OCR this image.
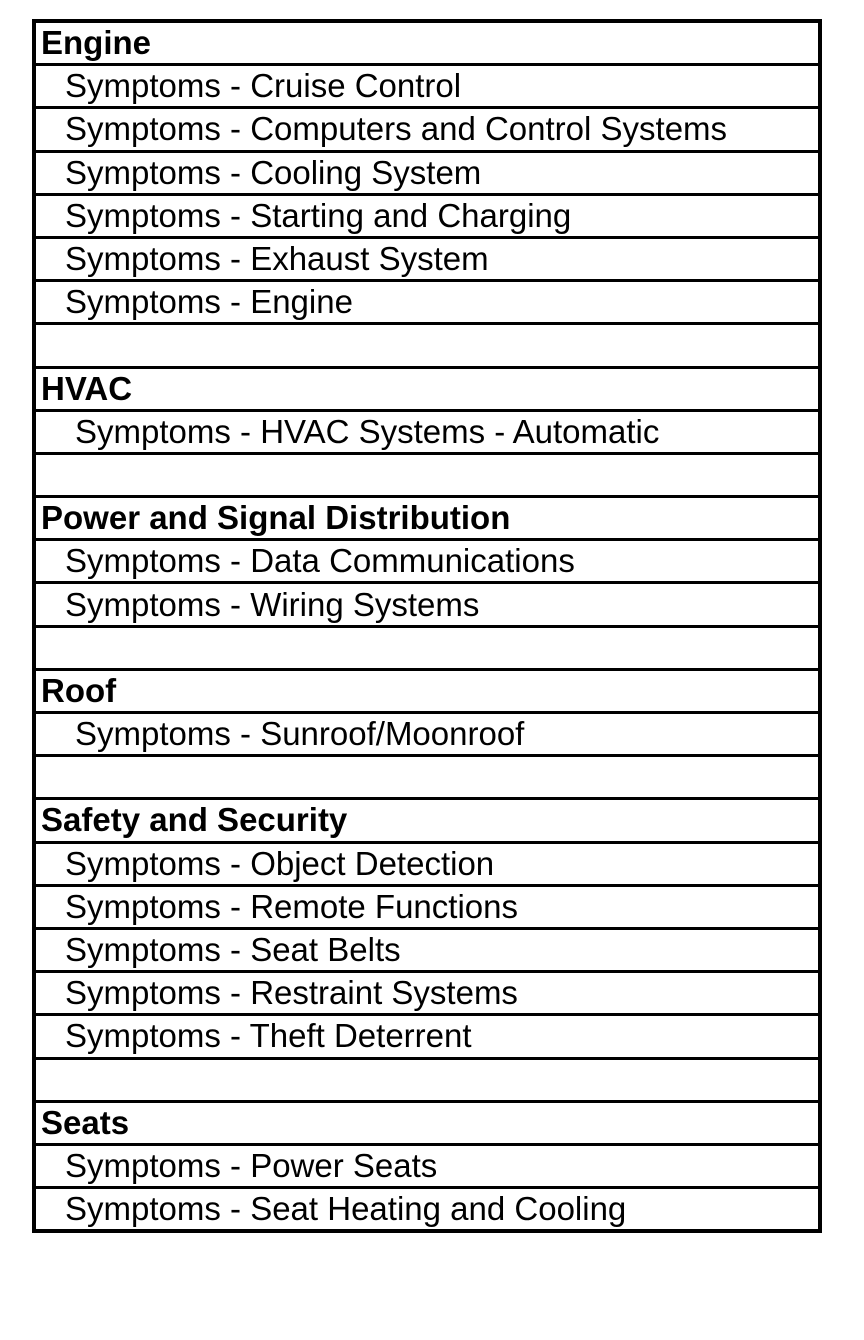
Engine
Symptoms - Cruise Control
Symptoms - Computers and Control Systems
Symptoms - Cooling System
Symptoms - Starting and Charging
Symptoms - Exhaust System
Symptoms - Engine

HVAC
Symptoms - HVAC Systems - Automatic

Power and Signal Distribution
Symptoms - Data Communications
Symptoms - Wiring Systems

Roof
Symptoms - Sunroof/Moonroof

Safety and Security
Symptoms - Object Detection
Symptoms - Remote Functions
Symptoms - Seat Belts
Symptoms - Restraint Systems
Symptoms - Theft Deterrent

Seats
Symptoms - Power Seats
Symptoms - Seat Heating and Cooling
